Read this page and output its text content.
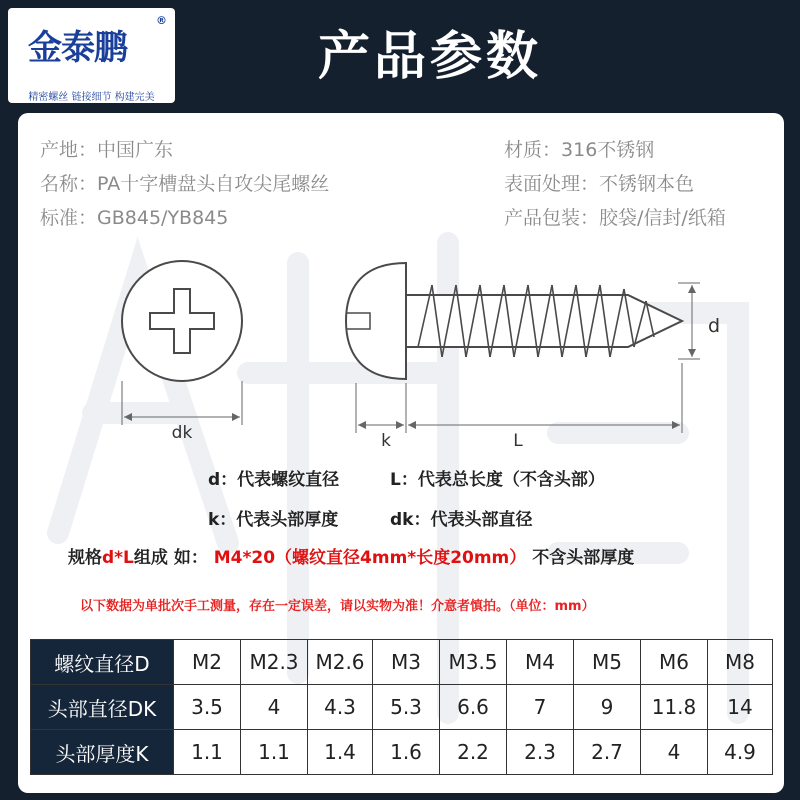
金泰鹏
®
精密螺丝 链接细节 构建完美
产品参数
产地：中国广东
名称：PA十字槽盘头自攻尖尾螺丝
标准：GB845/YB845
材质：316不锈钢
表面处理：不锈钢本色
产品包装：胶袋/信封/纸箱
dk
d
k	L
d：代表螺纹直径	L：代表总长度（不含头部）
k：代表头部厚度	dk：代表头部直径
规格d*L组成 如： M4*20（螺纹直径4mm*长度20mm） 不含头部厚度
以下数据为单批次手工测量，存在一定误差，请以实物为准！介意者慎拍。（单位：mm）
螺纹直径D	M2	M2.3	M2.6	M3	M3.5	M4	M5	M6	M8
头部直径DK	3.5	4	4.3	5.3	6.6	7	9	11.8	14
头部厚度K	1.1	1.1	1.4	1.6	2.2	2.3	2.7	4	4.9
